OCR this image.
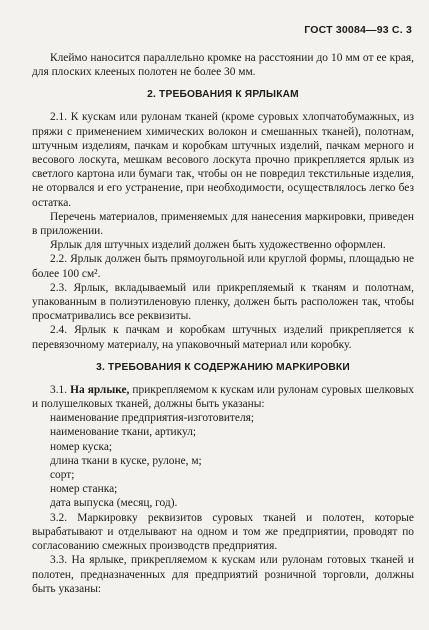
ГОСТ 30084—93 С. 3

Клеймо наносится параллельно кромке на расстоянии до 10 мм от ее края, для плоских клееных полотен не более 30 мм.

2. ТРЕБОВАНИЯ К ЯРЛЫКАМ

2.1. К кускам или рулонам тканей (кроме суровых хлопчатобумажных, из пряжи с применением химических волокон и смешанных тканей), полотнам, штучным изделиям, пачкам и коробкам штучных изделий, пачкам мерного и весового лоскута, мешкам весового лоскута прочно прикрепляется ярлык из светлого картона или бумаги так, чтобы он не повредил текстильные изделия, не оторвался и его устранение, при необходимости, осуществлялось легко без остатка.

Перечень материалов, применяемых для нанесения маркировки, приведен в приложении.

Ярлык для штучных изделий должен быть художественно оформлен.

2.2. Ярлык должен быть прямоугольной или круглой формы, площадью не более 100 см².

2.3. Ярлык, вкладываемый или прикрепляемый к тканям и полотнам, упакованным в полиэтиленовую пленку, должен быть расположен так, чтобы просматривались все реквизиты.

2.4. Ярлык к пачкам и коробкам штучных изделий прикрепляется к перевязочному материалу, на упаковочный материал или коробку.

3. ТРЕБОВАНИЯ К СОДЕРЖАНИЮ МАРКИРОВКИ

3.1. На ярлыке, прикрепляемом к кускам или рулонам суровых шелковых и полушелковых тканей, должны быть указаны:

наименование предприятия-изготовителя;
наименование ткани, артикул;
номер куска;
длина ткани в куске, рулоне, м;
сорт;
номер станка;
дата выпуска (месяц, год).

3.2. Маркировку реквизитов суровых тканей и полотен, которые вырабатывают и отделывают на одном и том же предприятии, проводят по согласованию смежных производств предприятия.

3.3. На ярлыке, прикрепляемом к кускам или рулонам готовых тканей и полотен, предназначенных для предприятий розничной торговли, должны быть указаны:
